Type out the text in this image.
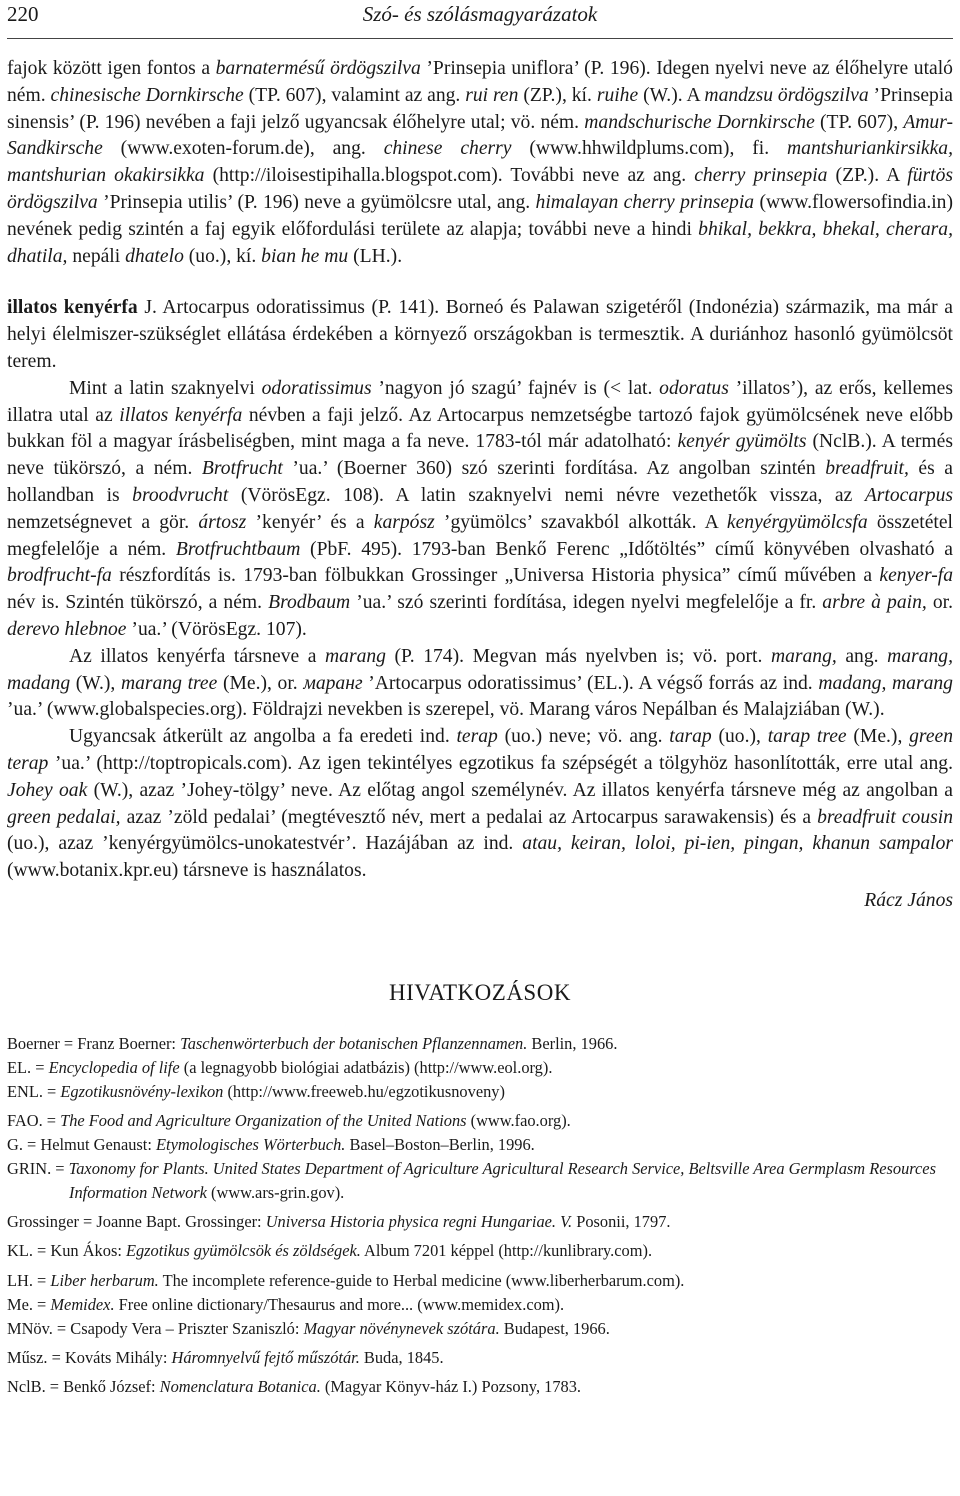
220	Szó- és szólásmagyarázatok

fajok között igen fontos a barnatermésű ördögszilva ’Prinsepia uniflora’ (P. 196). Idegen nyelvi neve az élőhelyre utaló ném. chinesische Dornkirsche (TP. 607), valamint az ang. rui ren (ZP.), kí. ruihe (W.). A mandzsu ördögszilva ’Prinsepia sinensis’ (P. 196) nevében a faji jelző ugyancsak élőhelyre utal; vö. ném. mandschurische Dornkirsche (TP. 607), Amur-Sandkirsche (www.exoten-forum.de), ang. chinese cherry (www.hhwildplums.com), fi. mantshuriankirsikka, mantshurian okakirsikka (http://iloisestipihalla.blogspot.com). További neve az ang. cherry prinsepia (ZP.). A fürtös ördögszilva ’Prinsepia utilis’ (P. 196) neve a gyümölcsre utal, ang. himalayan cherry prinsepia (www.flowersofindia.in) nevének pedig szintén a faj egyik előfordulási területe az alapja; további neve a hindi bhikal, bekkra, bhekal, cherara, dhatila, nepáli dhatelo (uo.), kí. bian he mu (LH.).

illatos kenyérfa J. Artocarpus odoratissimus (P. 141). Borneó és Palawan szigetéről (Indonézia) származik, ma már a helyi élelmiszer-szükséglet ellátása érdekében a környező országokban is termesztik. A duriánhoz hasonló gyümölcsöt terem.

Mint a latin szaknyelvi odoratissimus ’nagyon jó szagú’ fajnév is (< lat. odoratus ’illatos’), az erős, kellemes illatra utal az illatos kenyérfa névben a faji jelző. Az Artocarpus nemzetségbe tartozó fajok gyümölcsének neve előbb bukkan föl a magyar írásbeliségben, mint maga a fa neve. 1783-tól már adatolható: kenyér gyümölts (NclB.). A termés neve tükörszó, a ném. Brotfrucht ’ua.’ (Boerner 360) szó szerinti fordítása. Az angolban szintén breadfruit, és a hollandban is broodvrucht (VörösEgz. 108). A latin szaknyelvi nemi névre vezethetők vissza, az Artocarpus nemzetségnevet a gör. ártosz ’kenyér’ és a karpósz ’gyümölcs’ szavakból alkották. A kenyérgyümölcsfa összetétel megfelelője a ném. Brotfruchtbaum (PbF. 495). 1793-ban Benkő Ferenc „Időtöltés” című könyvében olvasható a brodfrucht-fa részfordítás is. 1793-ban fölbukkan Grossinger „Universa Historia physica” című művében a kenyer-fa név is. Szintén tükörszó, a ném. Brodbaum ’ua.’ szó szerinti fordítása, idegen nyelvi megfelelője a fr. arbre à pain, or. derevo hlebnoe ’ua.’ (VörösEgz. 107).

Az illatos kenyérfa társneve a marang (P. 174). Megvan más nyelvben is; vö. port. marang, ang. marang, madang (W.), marang tree (Me.), or. маранг ’Artocarpus odoratissimus’ (EL.). A végső forrás az ind. madang, marang ’ua.’ (www.globalspecies.org). Földrajzi nevekben is szerepel, vö. Marang város Nepálban és Malajziában (W.).

Ugyancsak átkerült az angolba a fa eredeti ind. terap (uo.) neve; vö. ang. tarap (uo.), tarap tree (Me.), green terap ’ua.’ (http://toptropicals.com). Az igen tekintélyes egzotikus fa szépségét a tölgyhöz hasonlították, erre utal ang. Johey oak (W.), azaz ’Johey-tölgy’ neve. Az előtag angol személynév. Az illatos kenyérfa társneve még az angolban a green pedalai, azaz ’zöld pedalai’ (megtévesztő név, mert a pedalai az Artocarpus sarawakensis) és a breadfruit cousin (uo.), azaz ’kenyérgyümölcs-unokatestvér’. Hazájában az ind. atau, keiran, loloi, pi-ien, pingan, khanun sampalor (www.botanix.kpr.eu) társneve is használatos.

Rácz János

HIVATKOZÁSOK

Boerner = Franz Boerner: Taschenwörterbuch der botanischen Pflanzennamen. Berlin, 1966.

EL. = Encyclopedia of life (a legnagyobb biológiai adatbázis) (http://www.eol.org).

ENL. = Egzotikusnövény-lexikon (http://www.freeweb.hu/egzotikusnoveny)

FAO. = The Food and Agriculture Organization of the United Nations (www.fao.org).

G. = Helmut Genaust: Etymologisches Wörterbuch. Basel–Boston–Berlin, 1996.

GRIN. = Taxonomy for Plants. United States Department of Agriculture Agricultural Research Service, Beltsville Area Germplasm Resources Information Network (www.ars-grin.gov).

Grossinger = Joanne Bapt. Grossinger: Universa Historia physica regni Hungariae. V. Posonii, 1797.

KL. = Kun Ákos: Egzotikus gyümölcsök és zöldségek. Album 7201 képpel (http://kunlibrary.com).

LH. = Liber herbarum. The incomplete reference-guide to Herbal medicine (www.liberherbarum.com).

Me. = Memidex. Free online dictionary/Thesaurus and more... (www.memidex.com).

MNöv. = Csapody Vera – Priszter Szaniszló: Magyar növénynevek szótára. Budapest, 1966.

Műsz. = Kováts Mihály: Háromnyelvű fejtő műszótár. Buda, 1845.

NclB. = Benkő József: Nomenclatura Botanica. (Magyar Könyv-ház I.) Pozsony, 1783.
